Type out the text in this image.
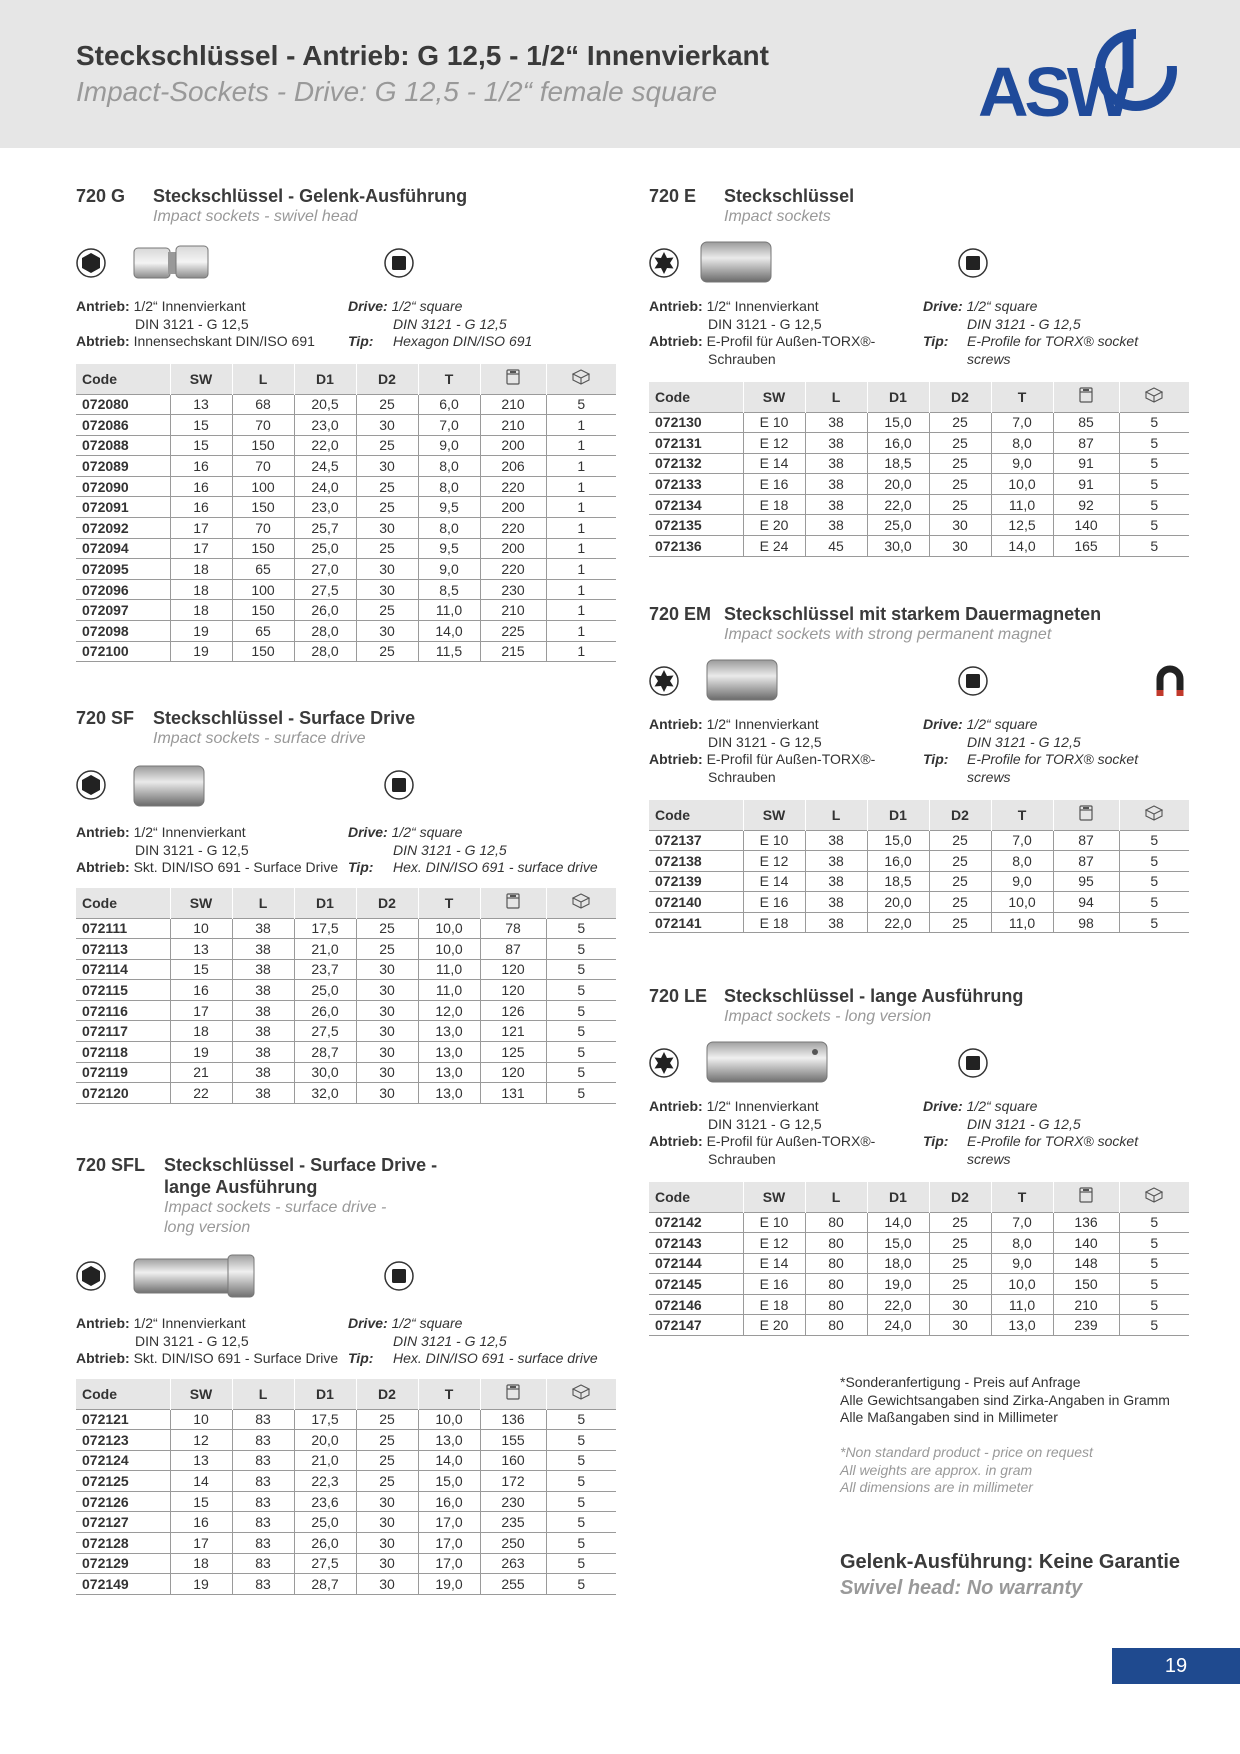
Steckschlüssel - Antrieb: G 12,5 - 1/2“ Innenvierkant
Impact-Sockets - Drive: G 12,5 - 1/2“ female square	ASW
720 G Steckschlüssel - Gelenk-Ausführung
Impact sockets - swivel head
Antrieb: 1/2“ Innenvierkant
DIN 3121 - G 12,5
Abtrieb: Innensechskant DIN/ISO 691
Drive: 1/2“ square
DIN 3121 - G 12,5
Tip: Hexagon DIN/ISO 691
Code	SW	L	D1	D2	T		
072080	13	68	20,5	25	6,0	210	5
072086	15	70	23,0	30	7,0	210	1
072088	15	150	22,0	25	9,0	200	1
072089	16	70	24,5	30	8,0	206	1
072090	16	100	24,0	25	8,0	220	1
072091	16	150	23,0	25	9,5	200	1
072092	17	70	25,7	30	8,0	220	1
072094	17	150	25,0	25	9,5	200	1
072095	18	65	27,0	30	9,0	220	1
072096	18	100	27,5	30	8,5	230	1
072097	18	150	26,0	25	11,0	210	1
072098	19	65	28,0	30	14,0	225	1
072100	19	150	28,0	25	11,5	215	1
720 SF Steckschlüssel - Surface Drive
Impact sockets - surface drive
Antrieb: 1/2“ Innenvierkant
DIN 3121 - G 12,5
Abtrieb: Skt. DIN/ISO 691 - Surface Drive
Drive: 1/2“ square
DIN 3121 - G 12,5
Tip: Hex. DIN/ISO 691 - surface drive
Code	SW	L	D1	D2	T		
072111	10	38	17,5	25	10,0	78	5
072113	13	38	21,0	25	10,0	87	5
072114	15	38	23,7	30	11,0	120	5
072115	16	38	25,0	30	11,0	120	5
072116	17	38	26,0	30	12,0	126	5
072117	18	38	27,5	30	13,0	121	5
072118	19	38	28,7	30	13,0	125	5
072119	21	38	30,0	30	13,0	120	5
072120	22	38	32,0	30	13,0	131	5
720 SFL Steckschlüssel - Surface Drive -
lange Ausführung
Impact sockets - surface drive -
long version
Antrieb: 1/2“ Innenvierkant
DIN 3121 - G 12,5
Abtrieb: Skt. DIN/ISO 691 - Surface Drive
Drive: 1/2“ square
DIN 3121 - G 12,5
Tip: Hex. DIN/ISO 691 - surface drive
Code	SW	L	D1	D2	T		
072121	10	83	17,5	25	10,0	136	5
072123	12	83	20,0	25	13,0	155	5
072124	13	83	21,0	25	14,0	160	5
072125	14	83	22,3	25	15,0	172	5
072126	15	83	23,6	30	16,0	230	5
072127	16	83	25,0	30	17,0	235	5
072128	17	83	26,0	30	17,0	250	5
072129	18	83	27,5	30	17,0	263	5
072149	19	83	28,7	30	19,0	255	5
720 E Steckschlüssel
Impact sockets
Antrieb: 1/2“ Innenvierkant
DIN 3121 - G 12,5
Abtrieb: E-Profil für Außen-TORX®-
Schrauben
Drive: 1/2“ square
DIN 3121 - G 12,5
Tip: E-Profile for TORX® socket
screws
Code	SW	L	D1	D2	T		
072130	E 10	38	15,0	25	7,0	85	5
072131	E 12	38	16,0	25	8,0	87	5
072132	E 14	38	18,5	25	9,0	91	5
072133	E 16	38	20,0	25	10,0	91	5
072134	E 18	38	22,0	25	11,0	92	5
072135	E 20	38	25,0	30	12,5	140	5
072136	E 24	45	30,0	30	14,0	165	5
720 EM Steckschlüssel mit starkem Dauermagneten
Impact sockets with strong permanent magnet
Antrieb: 1/2“ Innenvierkant
DIN 3121 - G 12,5
Abtrieb: E-Profil für Außen-TORX®-
Schrauben
Drive: 1/2“ square
DIN 3121 - G 12,5
Tip: E-Profile for TORX® socket
screws
Code	SW	L	D1	D2	T		
072137	E 10	38	15,0	25	7,0	87	5
072138	E 12	38	16,0	25	8,0	87	5
072139	E 14	38	18,5	25	9,0	95	5
072140	E 16	38	20,0	25	10,0	94	5
072141	E 18	38	22,0	25	11,0	98	5
720 LE Steckschlüssel - lange Ausführung
Impact sockets - long version
Antrieb: 1/2“ Innenvierkant
DIN 3121 - G 12,5
Abtrieb: E-Profil für Außen-TORX®-
Schrauben
Drive: 1/2“ square
DIN 3121 - G 12,5
Tip: E-Profile for TORX® socket
screws
Code	SW	L	D1	D2	T		
072142	E 10	80	14,0	25	7,0	136	5
072143	E 12	80	15,0	25	8,0	140	5
072144	E 14	80	18,0	25	9,0	148	5
072145	E 16	80	19,0	25	10,0	150	5
072146	E 18	80	22,0	30	11,0	210	5
072147	E 20	80	24,0	30	13,0	239	5
*Sonderanfertigung - Preis auf Anfrage
Alle Gewichtsangaben sind Zirka-Angaben in Gramm
Alle Maßangaben sind in Millimeter
*Non standard product - price on request
All weights are approx. in gram
All dimensions are in millimeter
Gelenk-Ausführung: Keine Garantie
Swivel head: No warranty
19
